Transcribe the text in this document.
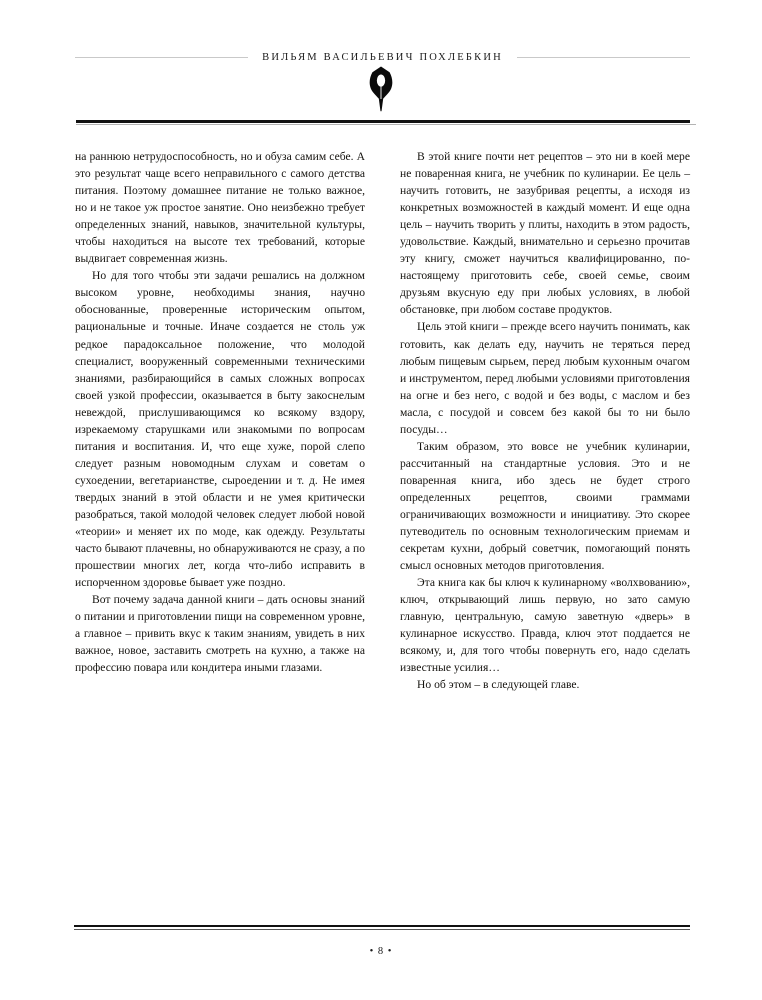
ВИЛЬЯМ ВАСИЛЬЕВИЧ ПОХЛЕБКИН

на раннюю нетрудоспособность, но и обуза самим себе. А это результат чаще всего неправильного с самого детства питания. Поэтому домашнее питание не только важное, но и не такое уж простое занятие. Оно неизбежно требует определенных знаний, навыков, значительной культуры, чтобы находиться на высоте тех требований, которые выдвигает современная жизнь.

Но для того чтобы эти задачи решались на должном высоком уровне, необходимы знания, научно обоснованные, проверенные историческим опытом, рациональные и точные. Иначе создается не столь уж редкое парадоксальное положение, что молодой специалист, вооруженный современными техническими знаниями, разбирающийся в самых сложных вопросах своей узкой профессии, оказывается в быту закоснелым невеждой, прислушивающимся ко всякому вздору, изрекаемому старушками или знакомыми по вопросам питания и воспитания. И, что еще хуже, порой слепо следует разным новомодным слухам и советам о сухоедении, вегетарианстве, сыроедении и т. д. Не имея твердых знаний в этой области и не умея критически разобраться, такой молодой человек следует любой новой «теории» и меняет их по моде, как одежду. Результаты часто бывают плачевны, но обнаруживаются не сразу, а по прошествии многих лет, когда что-либо исправить в испорченном здоровье бывает уже поздно.

Вот почему задача данной книги – дать основы знаний о питании и приготовлении пищи на современном уровне, а главное – привить вкус к таким знаниям, увидеть в них важное, новое, заставить смотреть на кухню, а также на профессию повара или кондитера иными глазами.

В этой книге почти нет рецептов – это ни в коей мере не поваренная книга, не учебник по кулинарии. Ее цель – научить готовить, не зазубривая рецепты, а исходя из конкретных возможностей в каждый момент. И еще одна цель – научить творить у плиты, находить в этом радость, удовольствие. Каждый, внимательно и серьезно прочитав эту книгу, сможет научиться квалифицированно, по-настоящему приготовить себе, своей семье, своим друзьям вкусную еду при любых условиях, в любой обстановке, при любом составе продуктов.

Цель этой книги – прежде всего научить понимать, как готовить, как делать еду, научить не теряться перед любым пищевым сырьем, перед любым кухонным очагом и инструментом, перед любыми условиями приготовления на огне и без него, с водой и без воды, с маслом и без масла, с посудой и совсем без какой бы то ни было посуды…

Таким образом, это вовсе не учебник кулинарии, рассчитанный на стандартные условия. Это и не поваренная книга, ибо здесь не будет строго определенных рецептов, своими граммами ограничивающих возможности и инициативу. Это скорее путеводитель по основным технологическим приемам и секретам кухни, добрый советчик, помогающий понять смысл основных методов приготовления.

Эта книга как бы ключ к кулинарному «волхвованию», ключ, открывающий лишь первую, но зато самую главную, центральную, самую заветную «дверь» в кулинарное искусство. Правда, ключ этот поддается не всякому, и, для того чтобы повернуть его, надо сделать известные усилия…

Но об этом – в следующей главе.

• 8 •
